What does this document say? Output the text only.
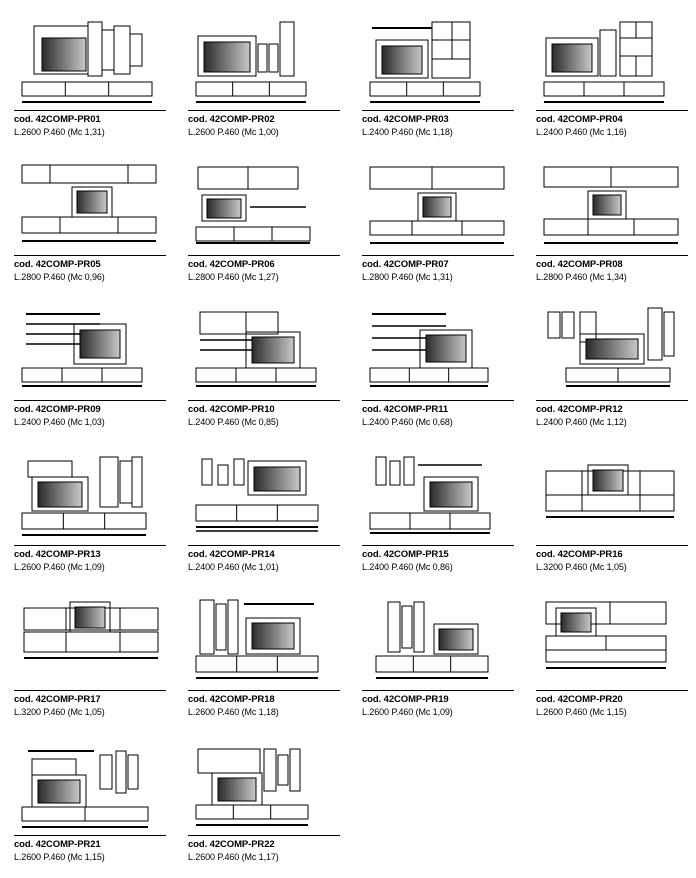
cod. 42COMP-PR01
L.2600 P.460 (Mc 1,31)
cod. 42COMP-PR02
L.2600 P.460 (Mc 1,00)
cod. 42COMP-PR03
L.2400 P.460 (Mc 1,18)
cod. 42COMP-PR04
L.2400 P.460 (Mc 1,16)
cod. 42COMP-PR05
L.2800 P.460 (Mc 0,96)
cod. 42COMP-PR06
L.2800 P.460 (Mc 1,27)
cod. 42COMP-PR07
L.2800 P.460 (Mc 1,31)
cod. 42COMP-PR08
L.2800 P.460 (Mc 1,34)
cod. 42COMP-PR09
L.2400 P.460 (Mc 1,03)
cod. 42COMP-PR10
L.2400 P.460 (Mc 0,85)
cod. 42COMP-PR11
L.2400 P.460 (Mc 0,68)
cod. 42COMP-PR12
L.2400 P.460 (Mc 1,12)
cod. 42COMP-PR13
L.2600 P.460 (Mc 1,09)
cod. 42COMP-PR14
L.2400 P.460 (Mc 1,01)
cod. 42COMP-PR15
L.2400 P.460 (Mc 0,86)
cod. 42COMP-PR16
L.3200 P.460 (Mc 1,05)
cod. 42COMP-PR17
L.3200 P.460 (Mc 1,05)
cod. 42COMP-PR18
L.2600 P.460 (Mc 1,18)
cod. 42COMP-PR19
L.2600 P.460 (Mc 1,09)
cod. 42COMP-PR20
L.2600 P.460 (Mc 1,15)
cod. 42COMP-PR21
L.2600 P.460 (Mc 1,15)
cod. 42COMP-PR22
L.2600 P.460 (Mc 1,17)
